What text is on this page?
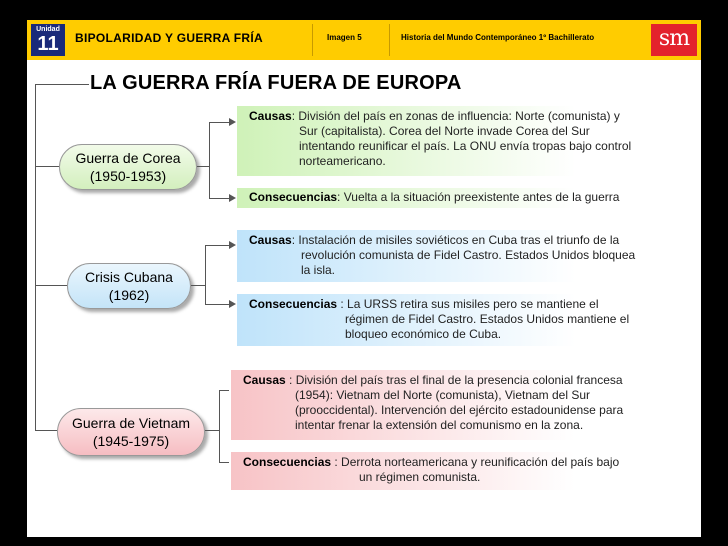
Unidad
11	BIPOLARIDAD Y GUERRA FRÍA	Imagen 5	Historia del Mundo Contemporáneo 1º Bachillerato	sm
LA GUERRA FRÍA FUERA DE EUROPA
Guerra de Corea
(1950-1953)
Crisis Cubana
(1962)
Guerra de Vietnam
(1945-1975)
Causas: División del país en zonas de influencia: Norte (comunista) y
Sur (capitalista). Corea del Norte invade Corea del Sur
intentando reunificar el país. La ONU envía tropas bajo control
norteamericano.
Consecuencias: Vuelta a la situación preexistente antes de la guerra
Causas: Instalación de misiles soviéticos en Cuba tras el triunfo de la
revolución comunista de Fidel Castro. Estados Unidos bloquea
la isla.
Consecuencias : La URSS retira sus misiles pero se mantiene el
régimen de Fidel Castro. Estados Unidos mantiene el
bloqueo económico de Cuba.
Causas : División del país tras el final de la presencia colonial francesa
(1954): Vietnam del Norte (comunista), Vietnam del Sur
(prooccidental). Intervención del ejército estadounidense para
intentar frenar la extensión del comunismo en la zona.
Consecuencias : Derrota norteamericana y reunificación del país bajo
un régimen comunista.
